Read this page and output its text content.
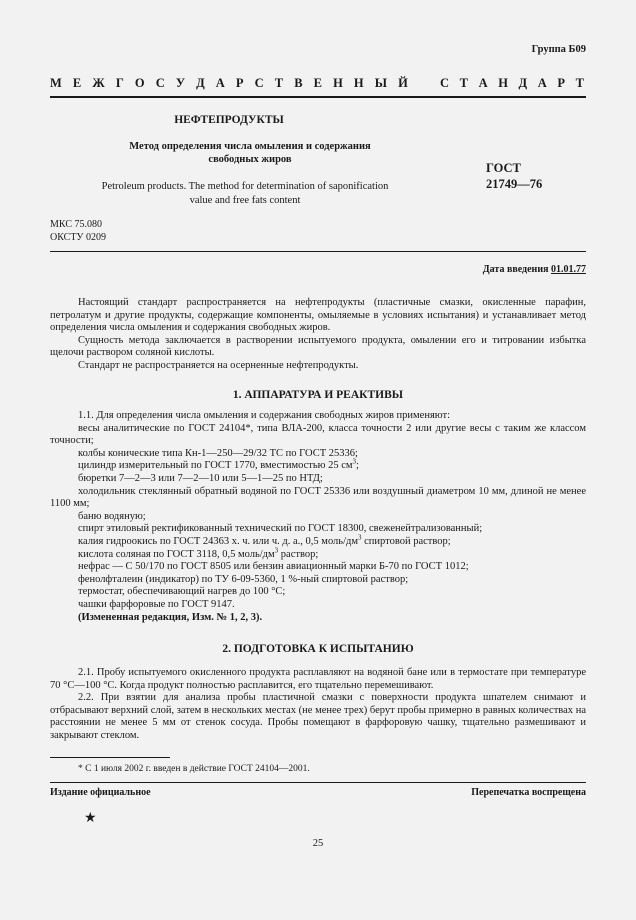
Группа Б09
М Е Ж Г О С У Д А Р С Т В Е Н Н Ы Й С Т А Н Д А Р Т
НЕФТЕПРОДУКТЫ
Метод определения числа омыления и содержания
свободных жиров
ГОСТ
21749—76
Petroleum products. The method for determination of saponification
value and free fats content
МКС 75.080
ОКСТУ 0209
Дата введения 01.01.77

Настоящий стандарт распространяется на нефтепродукты (пластичные смазки, окисленные парафин, петролатум и другие продукты, содержащие компоненты, омыляемые в условиях испытания) и устанавливает метод определения числа омыления и содержания свободных жиров.

Сущность метода заключается в растворении испытуемого продукта, омылении его и титровании избытка щелочи раствором соляной кислоты.

Стандарт не распространяется на осерненные нефтепродукты.

1. АППАРАТУРА И РЕАКТИВЫ

1.1. Для определения числа омыления и содержания свободных жиров применяют:

весы аналитические по ГОСТ 24104*, типа ВЛА-200, класса точности 2 или другие весы с таким же классом точности;

колбы конические типа Кн-1—250—29/32 ТС по ГОСТ 25336;

цилиндр измерительный по ГОСТ 1770, вместимостью 25 $см^3$;

бюретки 7—2—3 или 7—2—10 или 5—1—25 по НТД;

холодильник стеклянный обратный водяной по ГОСТ 25336 или воздушный диаметром 10 мм, длиной не менее 1100 мм;

баню водяную;

спирт этиловый ректификованный технический по ГОСТ 18300, свеженейтрализованный;

калия гидроокись по ГОСТ 24363 х. ч. или ч. д. а., 0,5 моль/$дм^3$ спиртовой раствор;

кислота соляная по ГОСТ 3118, 0,5 моль/$дм^3$ раствор;

нефрас — С 50/170 по ГОСТ 8505 или бензин авиационный марки Б-70 по ГОСТ 1012;

фенолфталеин (индикатор) по ТУ 6-09-5360, 1 %-ный спиртовой раствор;

термостат, обеспечивающий нагрев до 100 °С;

чашки фарфоровые по ГОСТ 9147.

(Измененная редакция, Изм. № 1, 2, 3).

2. ПОДГОТОВКА К ИСПЫТАНИЮ

2.1. Пробу испытуемого окисленного продукта расплавляют на водяной бане или в термостате при температуре 70 °С—100 °С. Когда продукт полностью расплавится, его тщательно перемешивают.

2.2. При взятии для анализа пробы пластичной смазки с поверхности продукта шпателем снимают и отбрасывают верхний слой, затем в нескольких местах (не менее трех) берут пробы примерно в равных количествах на расстоянии не менее 5 мм от стенок сосуда. Пробы помещают в фарфоровую чашку, тщательно размешивают и закрывают стеклом.

* С 1 июля 2002 г. введен в действие ГОСТ 24104—2001.
Издание официальное	Перепечатка воспрещена
★
25
